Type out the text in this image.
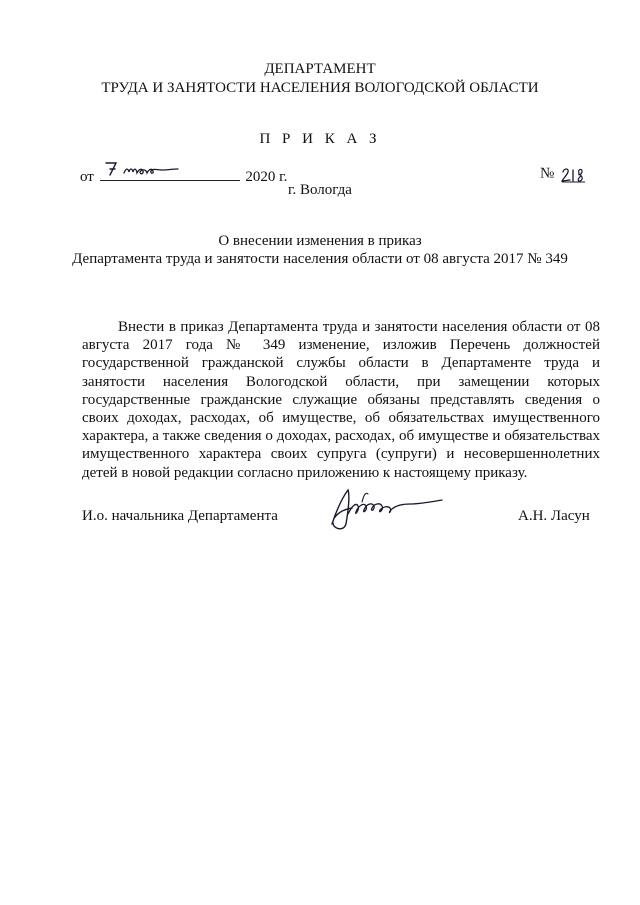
ДЕПАРТАМЕНТ
ТРУДА И ЗАНЯТОСТИ НАСЕЛЕНИЯ ВОЛОГОДСКОЙ ОБЛАСТИ
П Р И К А З
от	2020 г.	№
г. Вологда
О внесении изменения в приказ
Департамента труда и занятости населения области от 08 августа 2017 № 349
Внести в приказ Департамента труда и занятости населения области от 08 августа 2017 года № 349 изменение, изложив Перечень должностей государственной гражданской службы области в Департаменте труда и занятости населения Вологодской области, при замещении которых государственные гражданские служащие обязаны представлять сведения о своих доходах, расходах, об имуществе, об обязательствах имущественного характера, а также сведения о доходах, расходах, об имуществе и обязательствах имущественного характера своих супруга (супруги) и несовершеннолетних детей в новой редакции согласно приложению к настоящему приказу.
И.о. начальника Департамента	А.Н. Ласун
